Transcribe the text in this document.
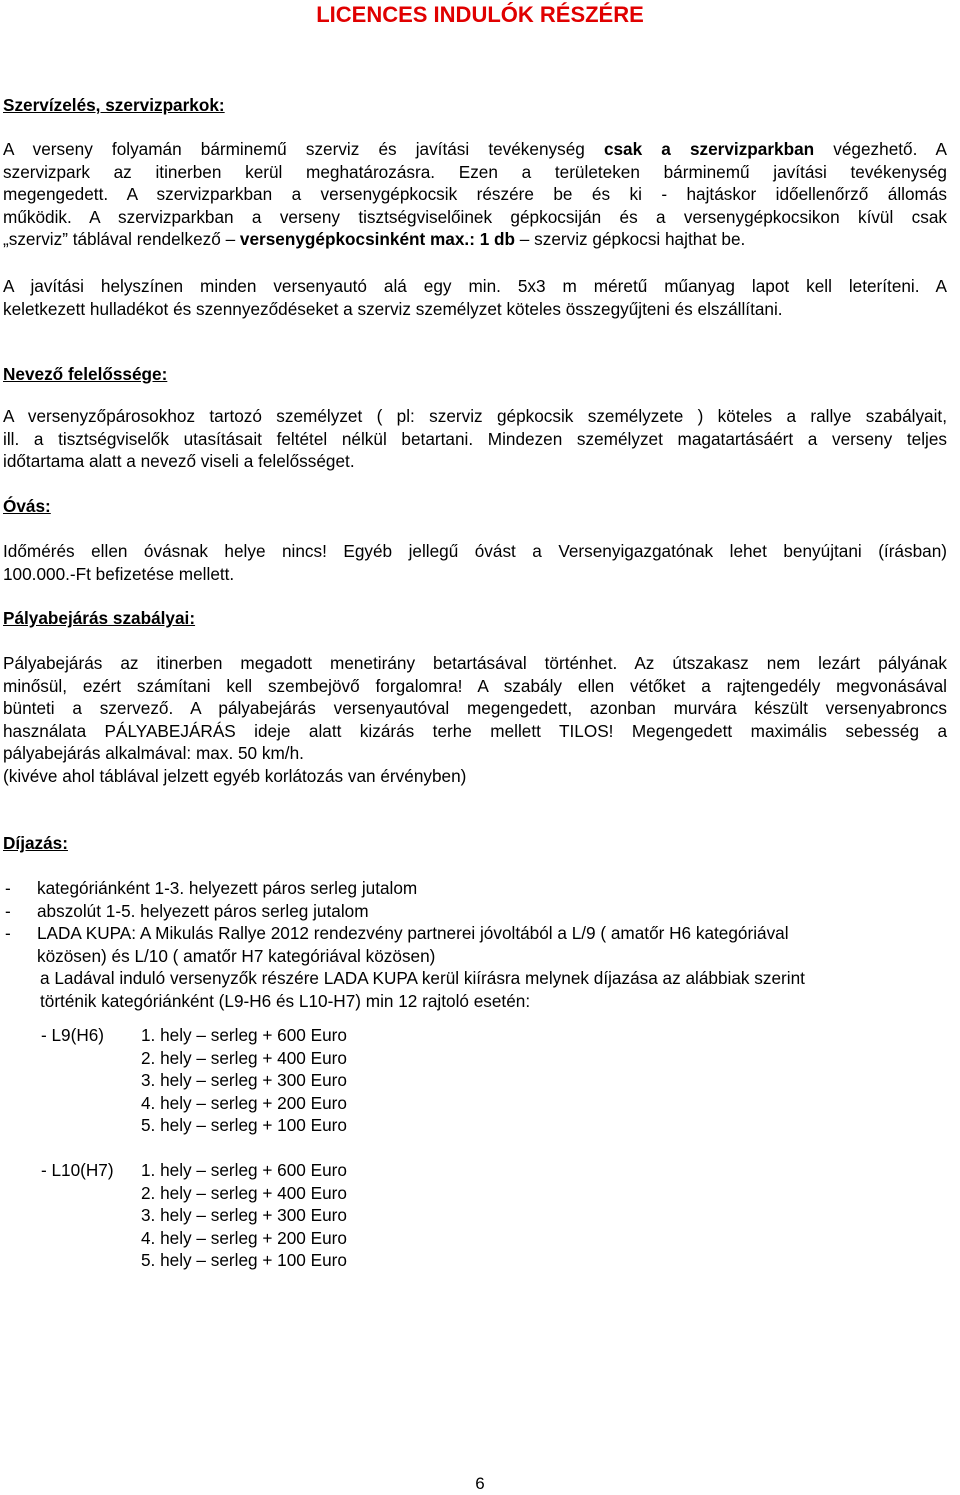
LICENCES INDULÓK RÉSZÉRE

Szervízelés, szervizparkok:

A verseny folyamán bárminemű szerviz és javítási tevékenység csak a szervizparkban végezhető. A
szervizpark az itinerben kerül meghatározásra. Ezen a területeken bárminemű javítási tevékenység
megengedett. A szervizparkban a versenygépkocsik részére be és ki - hajtáskor időellenőrző állomás
működik. A szervizparkban a verseny tisztségviselőinek gépkocsiján és a versenygépkocsikon kívül csak
„szerviz” táblával rendelkező – versenygépkocsinként max.: 1 db – szerviz gépkocsi hajthat be.
A javítási helyszínen minden versenyautó alá egy min. 5x3 m méretű műanyag lapot kell leteríteni. A
keletkezett hulladékot és szennyeződéseket a szerviz személyzet köteles összegyűjteni és elszállítani.

Nevező felelőssége:

A versenyzőpárosokhoz tartozó személyzet ( pl: szerviz gépkocsik személyzete ) köteles a rallye szabályait,
ill. a tisztségviselők utasításait feltétel nélkül betartani. Mindezen személyzet magatartásáért a verseny teljes
időtartama alatt a nevező viseli a felelősséget.

Óvás:

Időmérés ellen óvásnak helye nincs! Egyéb jellegű óvást a Versenyigazgatónak lehet benyújtani (írásban)
100.000.-Ft befizetése mellett.

Pályabejárás szabályai:

Pályabejárás az itinerben megadott menetirány betartásával történhet. Az útszakasz nem lezárt pályának
minősül, ezért számítani kell szembejövő forgalomra! A szabály ellen vétőket a rajtengedély megvonásával
bünteti a szervező. A pályabejárás versenyautóval megengedett, azonban murvára készült versenyabroncs
használata PÁLYABEJÁRÁS ideje alatt kizárás terhe mellett TILOS! Megengedett maximális sebesség a
pályabejárás alkalmával: max. 50 km/h.
(kivéve ahol táblával jelzett egyéb korlátozás van érvényben)

Díjazás:

- kategóriánként 1-3. helyezett páros serleg jutalom
- abszolút 1-5. helyezett páros serleg jutalom
- LADA KUPA: A Mikulás Rallye 2012 rendezvény partnerei jóvoltából a L/9 ( amatőr H6 kategóriával

közösen) és L/10 ( amatőr H7 kategóriával közösen)

a Ladával induló versenyzők részére LADA KUPA kerül kiírásra melynek díjazása az alábbiak szerint

történik kategóriánként (L9-H6 és L10-H7) min 12 rajtoló esetén:

- L9(H6) 1. hely – serleg + 600 Euro
2. hely – serleg + 400 Euro
3. hely – serleg + 300 Euro
4. hely – serleg + 200 Euro
5. hely – serleg + 100 Euro
- L10(H7) 1. hely – serleg + 600 Euro
2. hely – serleg + 400 Euro
3. hely – serleg + 300 Euro
4. hely – serleg + 200 Euro
5. hely – serleg + 100 Euro
6
